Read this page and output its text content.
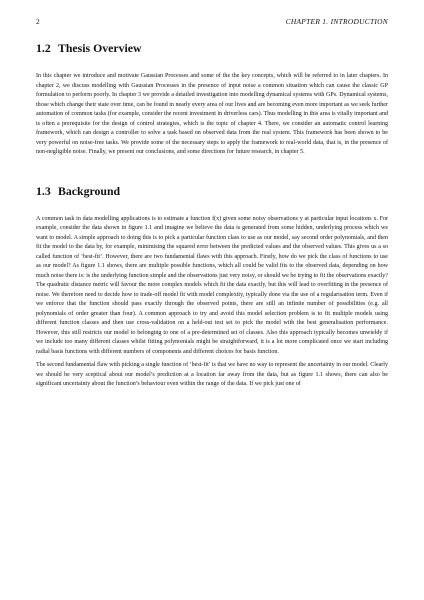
2	CHAPTER 1. INTRODUCTION
1.2 Thesis Overview

In this chapter we introduce and motivate Gaussian Processes and some of the the key concepts, which will be referred to in later chapters. In chapter 2, we discuss modelling with Gaussian Processes in the presence of input noise a common situation which can cause the classic GP formulation to perform poorly. In chapter 3 we provide a detailed investigation into modelling dynamical systems with GPs. Dynamical systems, those which change their state over time, can be found in nearly every area of our lives and are becoming even more important as we seek further automation of common tasks (for example, consider the recent investment in driverless cars). Thus modelling in this area is vitally important and is often a prerequisite for the design of control strategies, which is the topic of chapter 4. There, we consider an automatic control learning framework, which can design a controller to solve a task based on observed data from the real system. This framework has been shown to be very powerful on noise-free tasks. We provide some of the necessary steps to apply the framework to real-world data, that is, in the presence of non-negligible noise. Finally, we present our conclusions, and some directions for future research, in chapter 5.

1.3 Background

A common task in data modelling applications is to estimate a function f(x) given some noisy observations y at particular input locations x. For example, consider the data shown in figure 1.1 and imagine we believe the data is generated from some hidden, underlying process which we want to model. A simple approach to doing this is to pick a particular function class to use as our model, say second order polynomials, and then fit the model to the data by, for example, minimising the squared error between the predicted values and the observed values. This gives us a so called function of ‘best-fit’. However, there are two fundamental flaws with this approach. Firstly, how do we pick the class of functions to use as our model? As figure 1.1 shows, there are multiple possible functions, which all could be valid fits to the observed data, depending on how much noise there is: is the underlying function simple and the observations just very noisy, or should we be trying to fit the observations exactly? The quadratic distance metric will favour the more complex models which fit the data exactly, but this will lead to overfitting in the presence of noise. We therefore need to decide how to trade-off model fit with model complexity, typically done via the use of a regularisation term. Even if we enforce that the function should pass exactly through the observed points, there are still an infinite number of possibilities (e.g. all polynomials of order greater than four). A common approach to try and avoid this model selection problem is to fit multiple models using different function classes and then use cross-validation on a held-out test set to pick the model with the best generalisation performance. However, this still restricts our model to belonging to one of a pre-determined set of classes. Also this approach typically becomes unwieldy if we include too many different classes whilst fitting polynomials might be straightforward, it is a lot more complicated once we start including radial basis functions with different numbers of components and different choices for basis function.

The second fundamental flaw with picking a single function of ‘best-fit’ is that we have no way to represent the uncertainty in our model. Clearly we should be very sceptical about our model’s prediction at a location far away from the data, but as figure 1.1 shows, there can also be significant uncertainty about the function’s behaviour even within the range of the data. If we pick just one of
